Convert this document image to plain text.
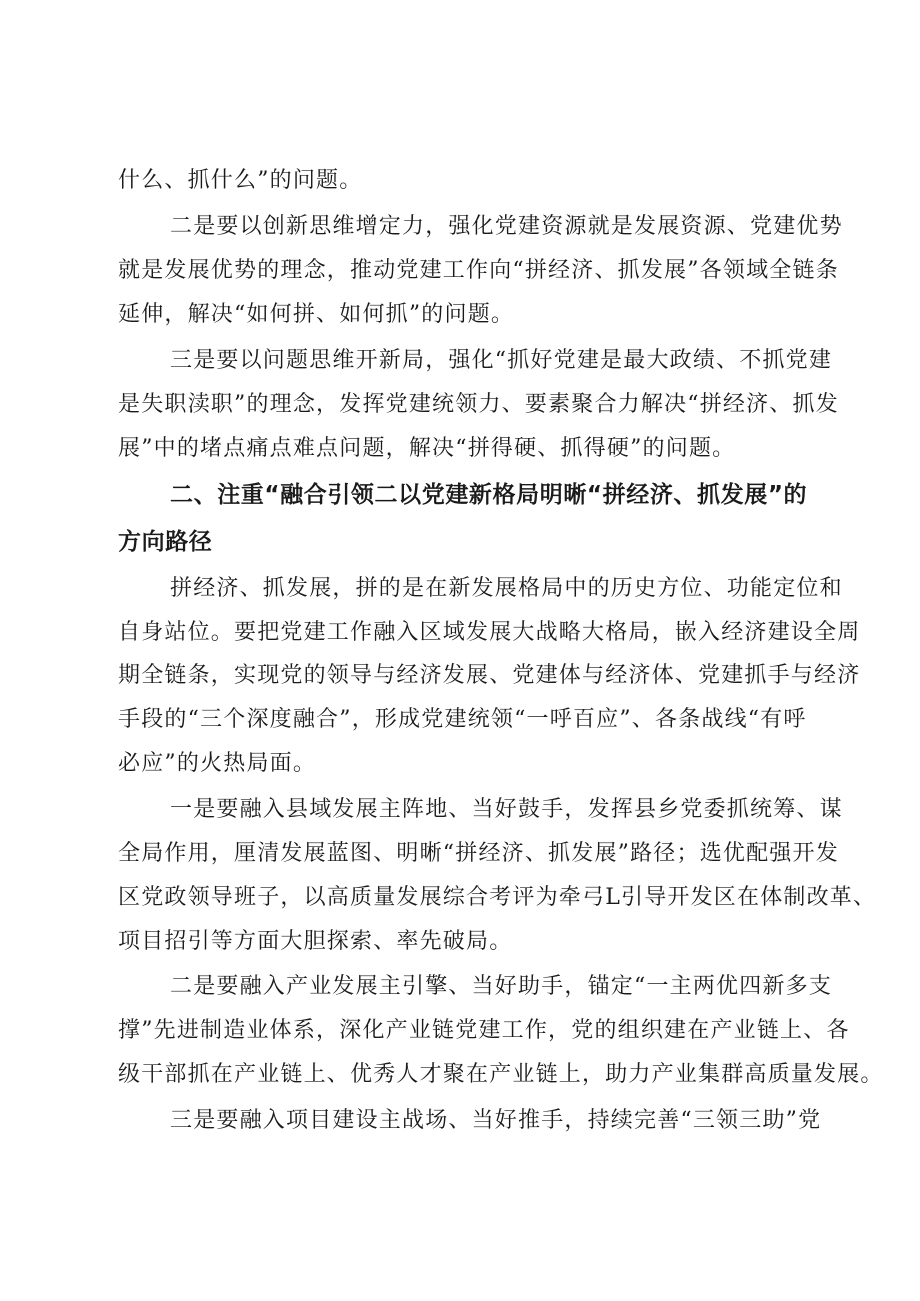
什么、抓什么”的问题。

二是要以创新思维增定力，强化党建资源就是发展资源、党建优势

就是发展优势的理念，推动党建工作向“拼经济、抓发展”各领域全链条

延伸，解决“如何拼、如何抓”的问题。

三是要以问题思维开新局，强化“抓好党建是最大政绩、不抓党建

是失职渎职”的理念，发挥党建统领力、要素聚合力解决“拼经济、抓发

展”中的堵点痛点难点问题，解决“拼得硬、抓得硬”的问题。

二、注重“融合引领二以党建新格局明晰“拼经济、抓发展”的

方向路径

拼经济、抓发展，拼的是在新发展格局中的历史方位、功能定位和

自身站位。要把党建工作融入区域发展大战略大格局，嵌入经济建设全周

期全链条，实现党的领导与经济发展、党建体与经济体、党建抓手与经济

手段的“三个深度融合”，形成党建统领“一呼百应”、各条战线“有呼

必应”的火热局面。

一是要融入县域发展主阵地、当好鼓手，发挥县乡党委抓统筹、谋

全局作用，厘清发展蓝图、明晰“拼经济、抓发展”路径；选优配强开发

区党政领导班子，以高质量发展综合考评为牵弓L引导开发区在体制改革、

项目招引等方面大胆探索、率先破局。

二是要融入产业发展主引擎、当好助手，锚定“一主两优四新多支

撑”先进制造业体系，深化产业链党建工作，党的组织建在产业链上、各

级干部抓在产业链上、优秀人才聚在产业链上，助力产业集群高质量发展。

三是要融入项目建设主战场、当好推手，持续完善“三领三助”党
